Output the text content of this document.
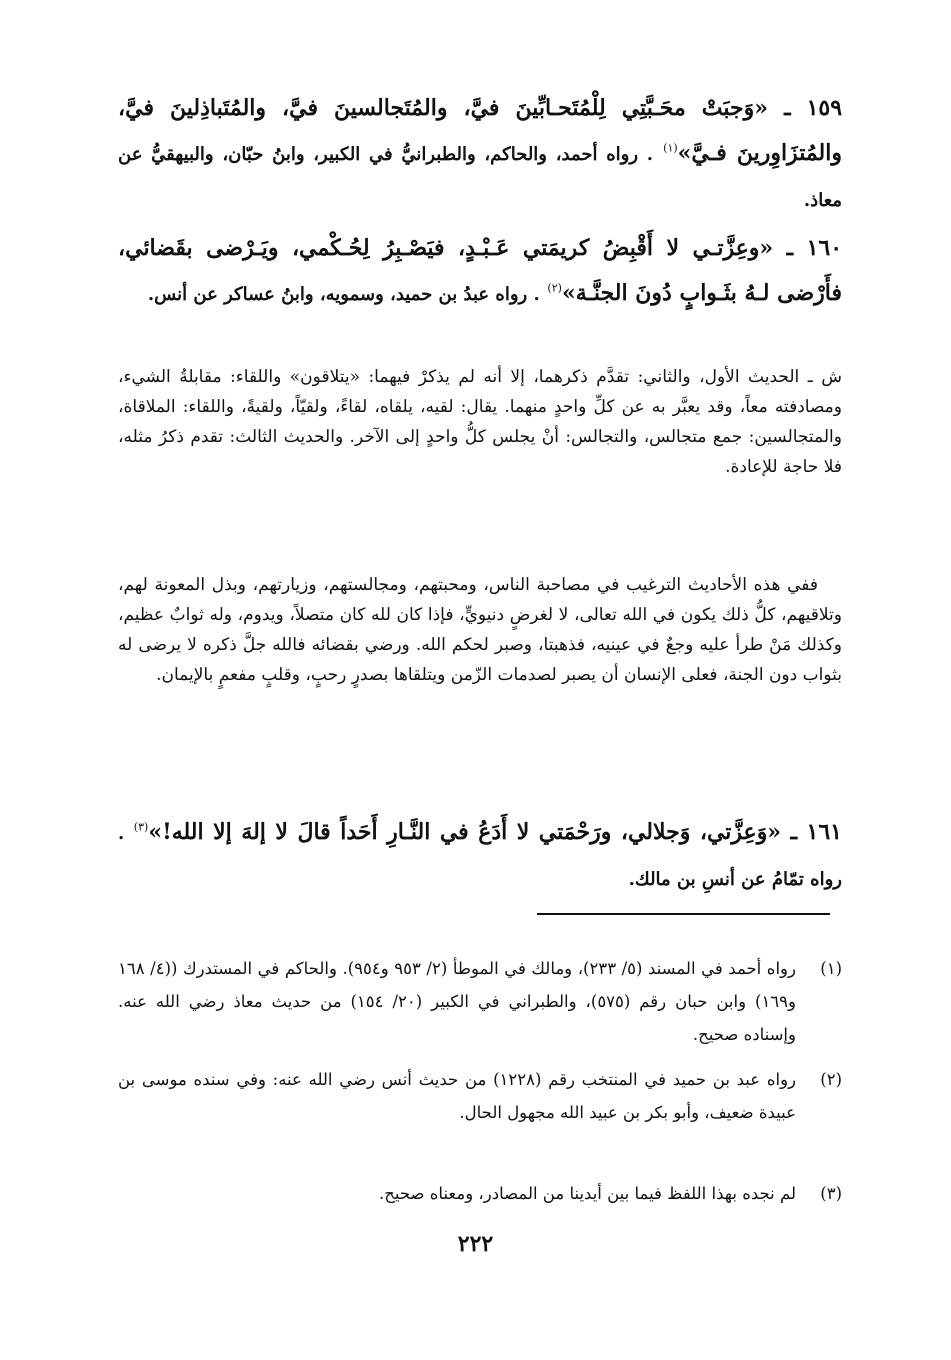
١٥٩ ـ «وَجبَتْ محَـبَّتِي لِلْمُتَحـابِّينَ فيَّ، والمُتَجالسينَ فيَّ، والمُتَباذِلينَ فيَّ، والمُتزَاوِرينَ فـيَّ»$^{(١)}$ . رواه أحمد، والحاكم، والطبرانيُّ في الكبير، وابنُ حبّان، والبيهقيُّ عن معاذ.
١٦٠ ـ «وعِزَّتـي لا أَقْبِضُ كريمَتي عَـبْـدٍ، فيَصْـبِرُ لِحُـكْمي، ويَـرْضى بقَضائي، فأَرْضى لـهُ بثَـوابٍ دُونَ الجنَّـة»$^{(٢)}$ . رواه عبدُ بن حميد، وسمويه، وابنُ عساكر عن أنس.
ش ـ الحديث الأول، والثاني: تقدَّم ذكرهما، إلا أنه لم يذكرْ فيهما: «يتلاقون» واللقاء: مقابلةُ الشيء، ومصادفته معاً، وقد يعبَّر به عن كلِّ واحدٍ منهما. يقال: لقيه، يلقاه، لقاءً، ولقيّاً، ولقيةً، واللقاء: الملاقاة، والمتجالسين: جمع متجالس، والتجالس: أنْ يجلس كلُّ واحدٍ إلى الآخر. والحديث الثالث: تقدم ذكرُ مثله، فلا حاجة للإعادة.
ففي هذه الأحاديث الترغيب في مصاحبة الناس، ومحبتهم، ومجالستهم، وزيارتهم، وبذل المعونة لهم، وتلاقيهم، كلُّ ذلك يكون في الله تعالى، لا لغرضٍ دنيويٍّ، فإذا كان لله كان متصلاً، ويدوم، وله ثوابٌ عظيم، وكذلك مَنْ طرأ عليه وجعٌ في عينيه، فذهبتا، وصبر لحكم الله. ورضي بقضائه فالله جلَّ ذكره لا يرضى له بثواب دون الجنة، فعلى الإنسان أن يصبر لصدمات الزّمن ويتلقاها بصدرٍ رحبٍ، وقلبٍ مفعمٍ بالإيمان.
١٦١ ـ «وَعِزَّتي، وَجلالي، ورَحْمَتي لا أَدَعُ في النَّـارِ أَحَداً قالَ لا إلهَ إلا الله!»$^{(٣)}$ . رواه تمّامُ عن أنسِ بن مالك.
(١)
رواه أحمد في المسند (٥/ ٢٣٣)، ومالك في الموطأ (٢/ ٩٥٣ و٩٥٤). والحاكم في المستدرك ((٤/ ١٦٨ و١٦٩) وابن حبان رقم (٥٧٥)، والطبراني في الكبير (٢٠/ ١٥٤) من حديث معاذ رضي الله عنه. وإسناده صحيح.
(٢)
رواه عبد بن حميد في المنتخب رقم (١٢٢٨) من حديث أنس رضي الله عنه: وفي سنده موسى بن عبيدة ضعيف، وأبو بكر بن عبيد الله مجهول الحال.
(٣)
لم نجده بهذا اللفظ فيما بين أيدينا من المصادر، ومعناه صحيح.
٢٢٢
